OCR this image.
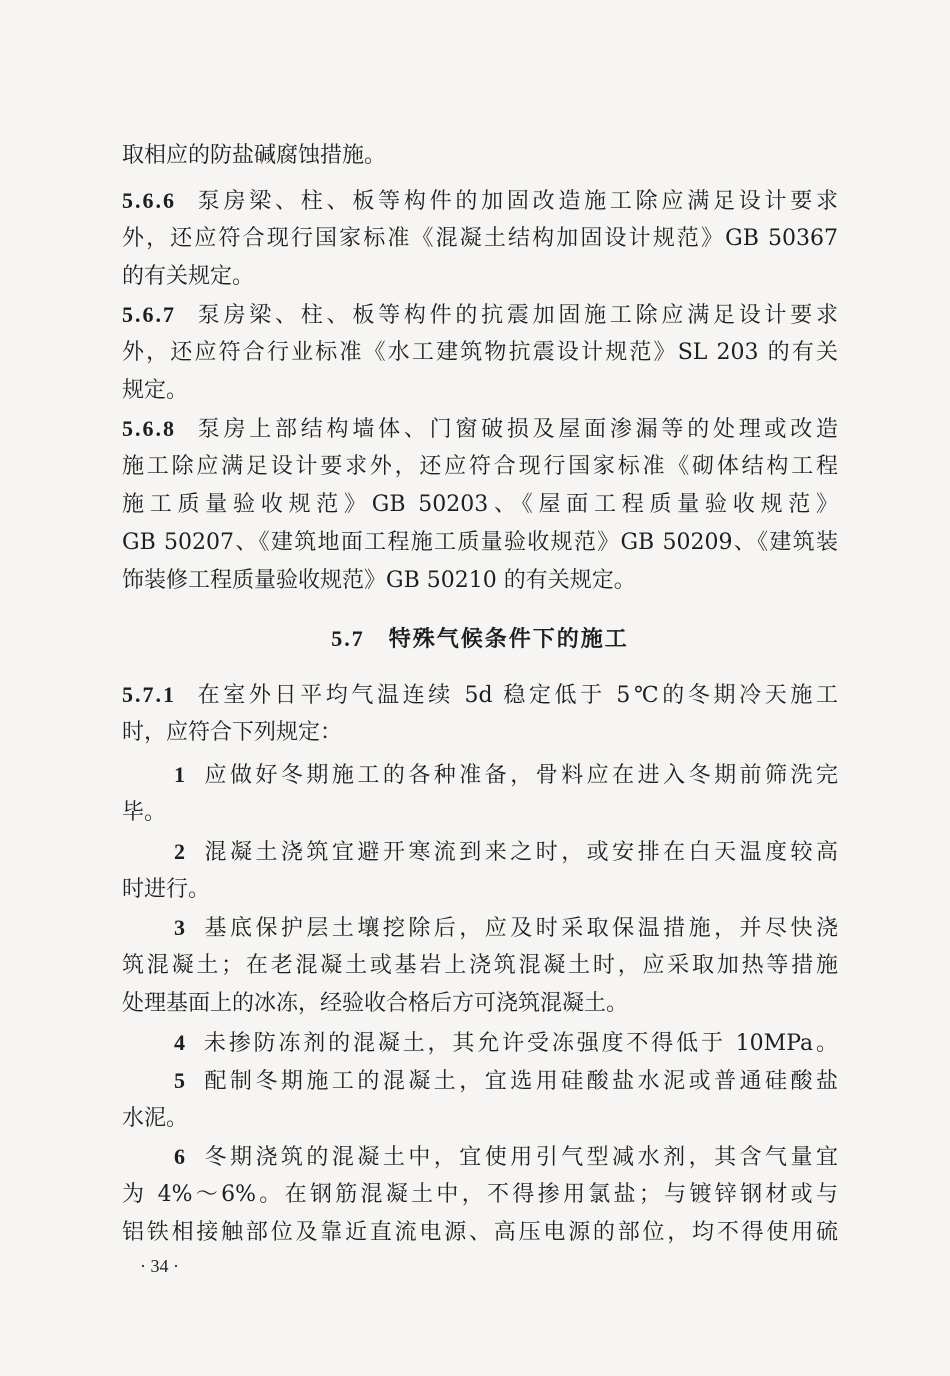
取相应的防盐碱腐蚀措施。
5.6.6 泵房梁、柱、板等构件的加固改造施工除应满足设计要求
外，还应符合现行国家标准《混凝土结构加固设计规范》GB 50367
的有关规定。
5.6.7 泵房梁、柱、板等构件的抗震加固施工除应满足设计要求
外，还应符合行业标准《水工建筑物抗震设计规范》SL 203 的有关
规定。
5.6.8 泵房上部结构墙体、门窗破损及屋面渗漏等的处理或改造
施工除应满足设计要求外，还应符合现行国家标准《砌体结构工程
施工质量验收规范》GB 50203、《屋面工程质量验收规范》
GB 50207、《建筑地面工程施工质量验收规范》GB 50209、《建筑装
饰装修工程质量验收规范》GB 50210 的有关规定。
5.7 特殊气候条件下的施工
5.7.1 在室外日平均气温连续 5d 稳定低于 5℃的冬期冷天施工
时，应符合下列规定：
1 应做好冬期施工的各种准备，骨料应在进入冬期前筛洗完
毕。
2 混凝土浇筑宜避开寒流到来之时，或安排在白天温度较高
时进行。
3 基底保护层土壤挖除后，应及时采取保温措施，并尽快浇
筑混凝土；在老混凝土或基岩上浇筑混凝土时，应采取加热等措施
处理基面上的冰冻，经验收合格后方可浇筑混凝土。
4 未掺防冻剂的混凝土，其允许受冻强度不得低于 10MPa。
5 配制冬期施工的混凝土，宜选用硅酸盐水泥或普通硅酸盐
水泥。
6 冬期浇筑的混凝土中，宜使用引气型减水剂，其含气量宜
为 4%～6%。在钢筋混凝土中，不得掺用氯盐；与镀锌钢材或与
铝铁相接触部位及靠近直流电源、高压电源的部位，均不得使用硫
· 34 ·
